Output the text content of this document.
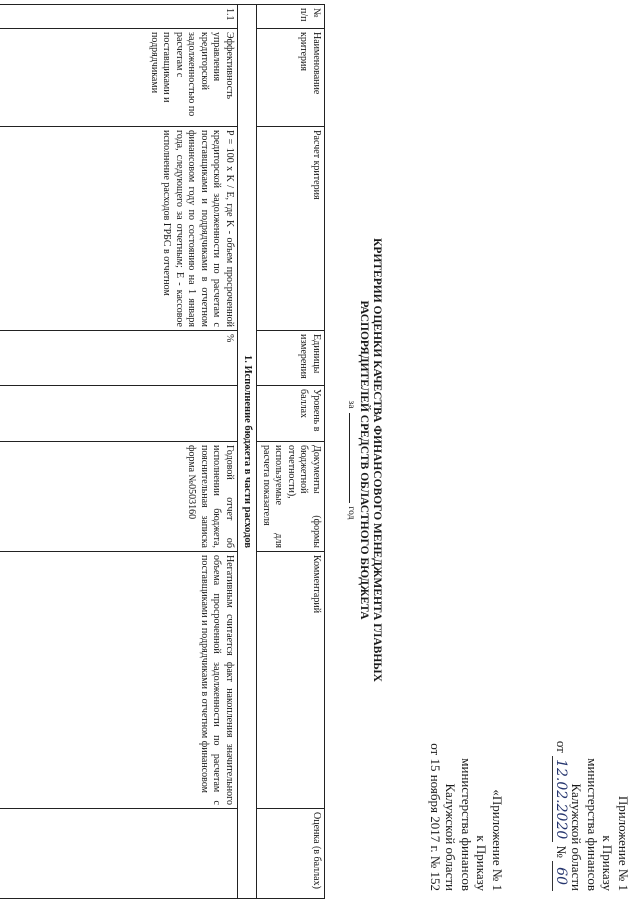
Приложение № 1
к Приказу
министерства финансов
Калужской области
от 12.02.2020 № 60
«Приложение № 1
к Приказу
министерства финансов
Калужской области
от 15 ноября 2017 г. № 152
КРИТЕРИИ ОЦЕНКИ КАЧЕСТВА ФИНАНСОВОГО МЕНЕДЖМЕНТА ГЛАВНЫХ
РАСПОРЯДИТЕЛЕЙ СРЕДСТВ ОБЛАСТНОГО БЮДЖЕТА
загод
№ п/п	Наименование критерия	Расчет критерия	Единицы измерения	Уровень в баллах	Документы (формы бюджетной отчетности), используемые для расчета показателя	Комментарий	Оценка (в баллах)
1. Исполнение бюджета в части расходов							
1.1	Эффективность управления кредиторской задолженностью по расчетам с поставщиками и подрядчиками	P = 100 x K / E, где K - объем просроченной кредиторской задолженности по расчетам с поставщиками и подрядчиками в отчетном финансовом году по состоянию на 1 января года, следующего за отчетным; E - кассовое исполнение расходов ГРБС в отчетном	%		Годовой отчет об исполнении бюджета, пояснительная записка форма №0503160	Негативным считается факт накопления значительного объема просроченной задолженности по расчетам с поставщиками и подрядчиками в отчетном финансовом	
